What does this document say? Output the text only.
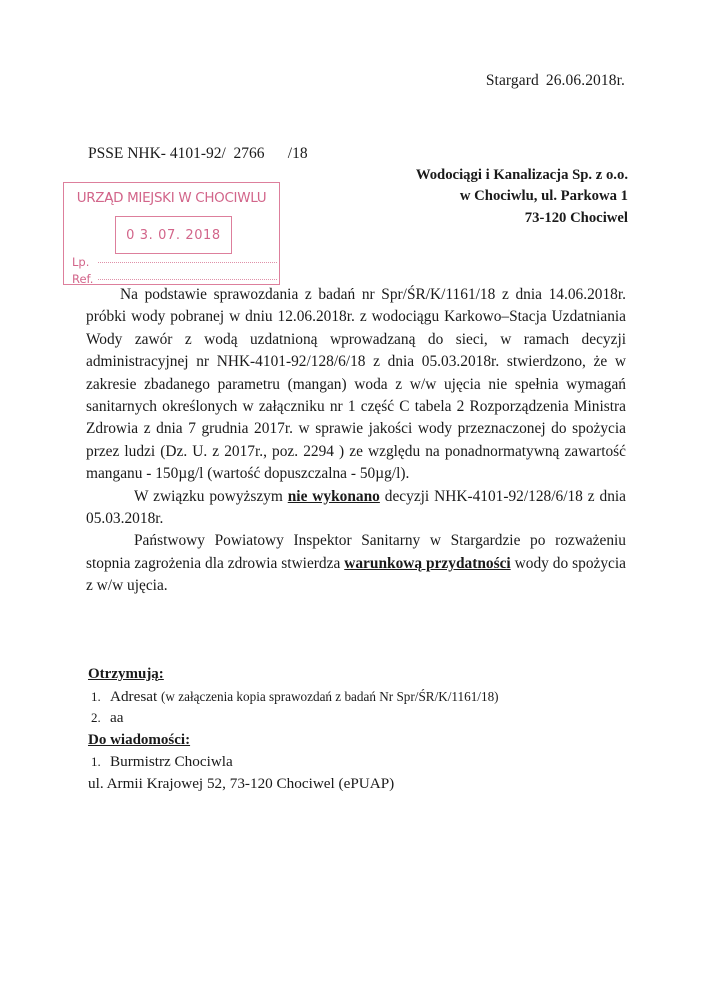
Stargard 26.06.2018r.
PSSE NHK- 4101-92/  2766      /18
Wodociągi i Kanalizacja Sp. z o.o.
w Chociwlu, ul. Parkowa 1
73-120 Chociwel
URZĄD MIEJSKI W CHOCIWLU
0 3. 07. 2018
Lp.
Ref.

Na podstawie sprawozdania z badań nr Spr/ŚR/K/1161/18 z dnia 14.06.2018r. próbki wody pobranej w dniu 12.06.2018r. z wodociągu Karkowo–Stacja Uzdatniania Wody zawór z wodą uzdatnioną wprowadzaną do sieci, w ramach decyzji administracyjnej nr NHK-4101-92/128/6/18 z dnia 05.03.2018r. stwierdzono, że w zakresie zbadanego parametru (mangan) woda z w/w ujęcia nie spełnia wymagań sanitarnych określonych w załączniku nr 1 część C tabela 2 Rozporządzenia Ministra Zdrowia z dnia 7 grudnia 2017r. w sprawie jakości wody przeznaczonej do spożycia przez ludzi (Dz. U. z 2017r., poz. 2294 ) ze względu na ponadnormatywną zawartość manganu - 150µg/l (wartość dopuszczalna - 50µg/l).

W związku powyższym nie wykonano decyzji NHK-4101-92/128/6/18 z dnia 05.03.2018r.

Państwowy Powiatowy Inspektor Sanitarny w Stargardzie po rozważeniu stopnia zagrożenia dla zdrowia stwierdza warunkową przydatności wody do spożycia z w/w ujęcia.

Otrzymują:
1. Adresat (w załączenia kopia sprawozdań z badań Nr Spr/ŚR/K/1161/18)
2. aa
Do wiadomości:
1. Burmistrz Chociwla
ul. Armii Krajowej 52, 73-120 Chociwel (ePUAP)
